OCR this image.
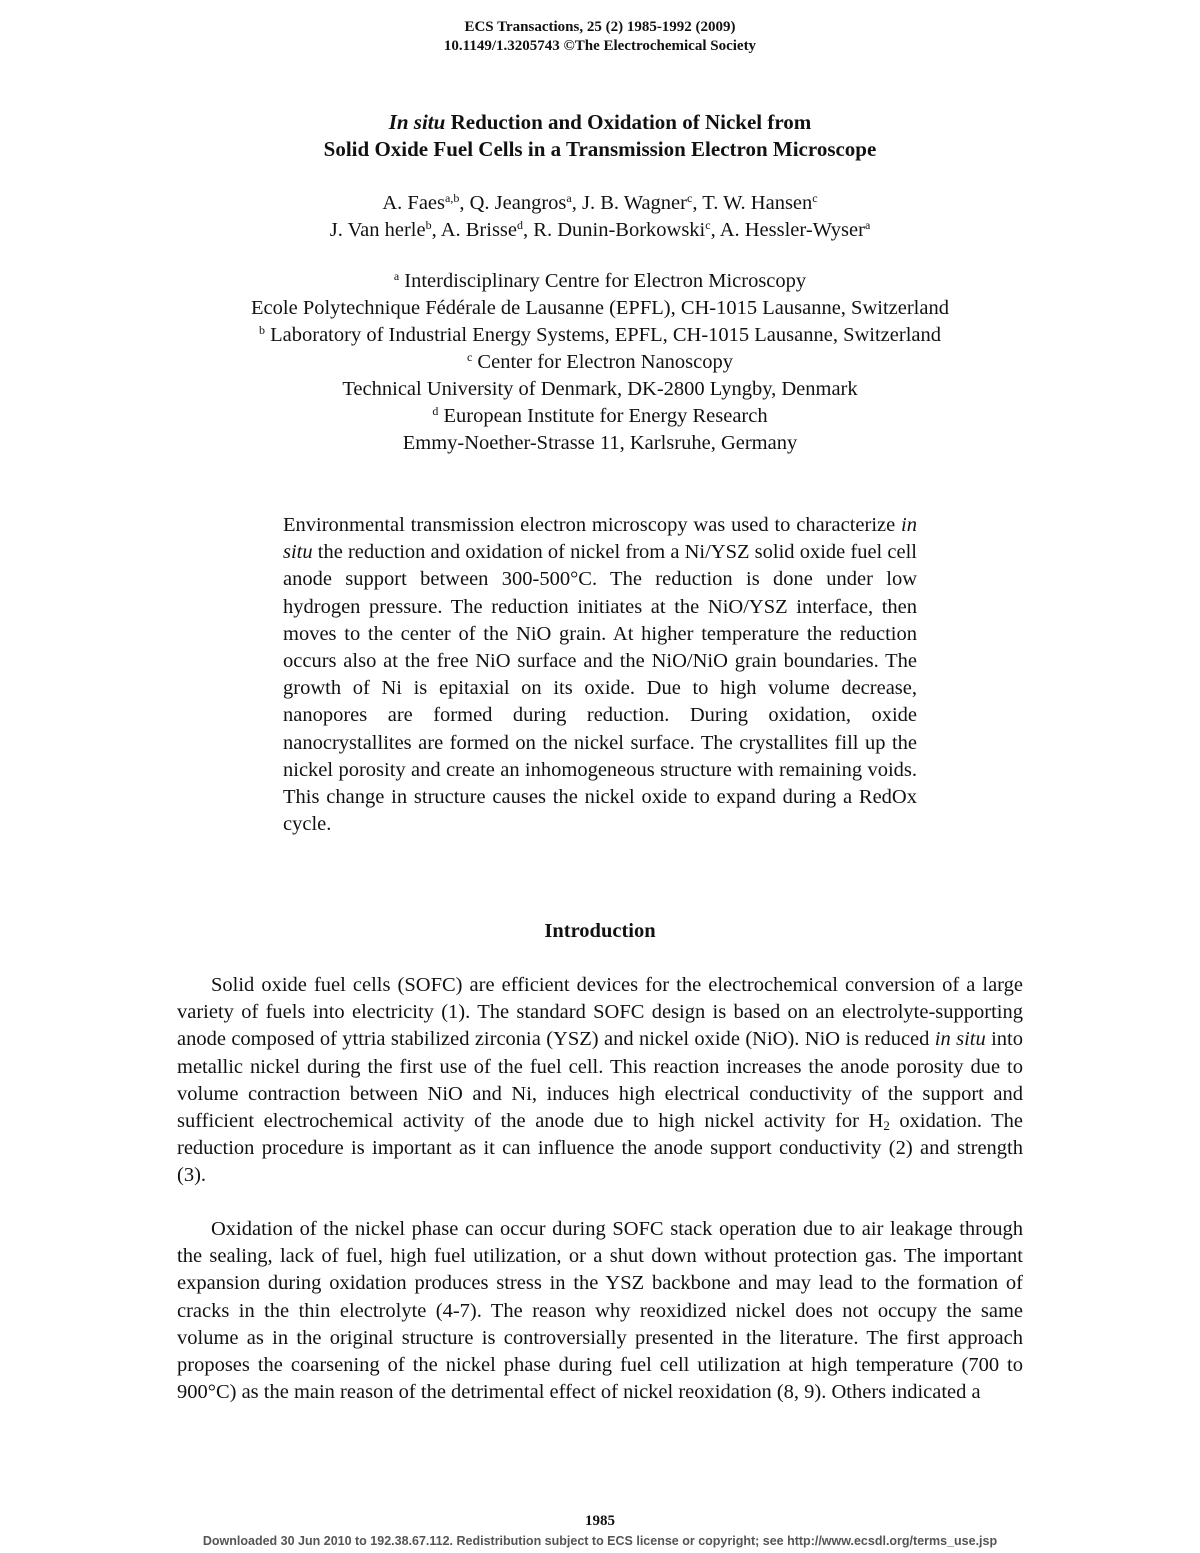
ECS Transactions, 25 (2) 1985-1992 (2009)
10.1149/1.3205743 ©The Electrochemical Society
In situ Reduction and Oxidation of Nickel from
Solid Oxide Fuel Cells in a Transmission Electron Microscope
A. Faes$^{a,b}$, Q. Jeangros$^a$, J. B. Wagner$^c$, T. W. Hansen$^c$
J. Van herle$^b$, A. Brisse$^d$, R. Dunin-Borkowski$^c$, A. Hessler-Wyser$^a$
$^a$ Interdisciplinary Centre for Electron Microscopy
Ecole Polytechnique Fédérale de Lausanne (EPFL), CH-1015 Lausanne, Switzerland
$^b$ Laboratory of Industrial Energy Systems, EPFL, CH-1015 Lausanne, Switzerland
$^c$ Center for Electron Nanoscopy
Technical University of Denmark, DK-2800 Lyngby, Denmark
$^d$ European Institute for Energy Research
Emmy-Noether-Strasse 11, Karlsruhe, Germany
Environmental transmission electron microscopy was used to characterize in situ the reduction and oxidation of nickel from a Ni/YSZ solid oxide fuel cell anode support between 300-500°C. The reduction is done under low hydrogen pressure. The reduction initiates at the NiO/YSZ interface, then moves to the center of the NiO grain. At higher temperature the reduction occurs also at the free NiO surface and the NiO/NiO grain boundaries. The growth of Ni is epitaxial on its oxide. Due to high volume decrease, nanopores are formed during reduction. During oxidation, oxide nanocrystallites are formed on the nickel surface. The crystallites fill up the nickel porosity and create an inhomogeneous structure with remaining voids. This change in structure causes the nickel oxide to expand during a RedOx cycle.
Introduction
Solid oxide fuel cells (SOFC) are efficient devices for the electrochemical conversion of a large variety of fuels into electricity (1). The standard SOFC design is based on an electrolyte-supporting anode composed of yttria stabilized zirconia (YSZ) and nickel oxide (NiO). NiO is reduced in situ into metallic nickel during the first use of the fuel cell. This reaction increases the anode porosity due to volume contraction between NiO and Ni, induces high electrical conductivity of the support and sufficient electrochemical activity of the anode due to high nickel activity for $H_2$ oxidation. The reduction procedure is important as it can influence the anode support conductivity (2) and strength (3).
Oxidation of the nickel phase can occur during SOFC stack operation due to air leakage through the sealing, lack of fuel, high fuel utilization, or a shut down without protection gas. The important expansion during oxidation produces stress in the YSZ backbone and may lead to the formation of cracks in the thin electrolyte (4-7). The reason why reoxidized nickel does not occupy the same volume as in the original structure is controversially presented in the literature. The first approach proposes the coarsening of the nickel phase during fuel cell utilization at high temperature (700 to 900°C) as the main reason of the detrimental effect of nickel reoxidation (8, 9). Others indicated a
1985
Downloaded 30 Jun 2010 to 192.38.67.112. Redistribution subject to ECS license or copyright; see http://www.ecsdl.org/terms_use.jsp
